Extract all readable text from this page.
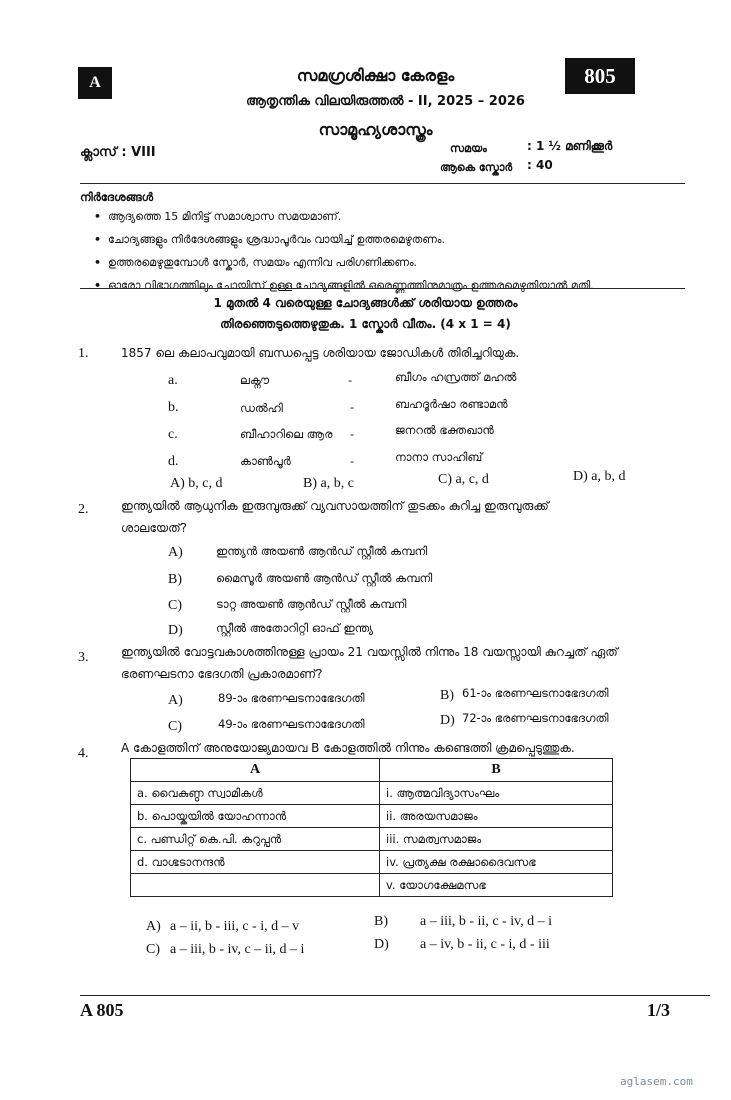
A	805
സമഗ്രശിക്ഷാ കേരളം
ആതൃന്തിക വിലയിരുത്തൽ - II, 2025 – 2026
സാമൂഹ്യശാസ്ത്രം
ക്ലാസ് : VIII	സമയം	: 1 ½ മണിക്കൂർ
ആകെ സ്കോർ : 40
നിർദേശങ്ങൾ
• ആദ്യത്തെ 15 മിനിട്ട് സമാശ്വാസ സമയമാണ്.
• ചോദ്യങ്ങളും നിർദേശങ്ങളും ശ്രദ്ധാപൂർവം വായിച്ച് ഉത്തരമെഴുതണം.
• ഉത്തരമെഴുതുമ്പോൾ സ്കോർ, സമയം എന്നിവ പരിഗണിക്കണം.
• ഓരോ വിഭാഗത്തിലും ചോയിസ് ഉള്ള ചോദ്യങ്ങളിൽ ഒരെണ്ണത്തിനുമാത്രം ഉത്തരമെഴുതിയാൽ മതി.
1 മുതൽ 4 വരെയുള്ള ചോദ്യങ്ങൾക്ക് ശരിയായ ഉത്തരം
തിരഞ്ഞെടുത്തെഴുതുക. 1 സ്കോർ വീതം. (4 x 1 = 4)
1.	1857 ലെ കലാപവുമായി ബന്ധപ്പെട്ട ശരിയായ ജോഡികൾ തിരിച്ചറിയുക.
a.	ലക്നൗ	-	ബീഗം ഹസ്രത്ത് മഹൽ
b.	ഡൽഹി	-	ബഹദൂർഷാ രണ്ടാമൻ
c.	ബീഹാറിലെ ആര -	ജനറൽ ഭക്തഖാൻ
d.	കാൺപൂർ	-	നാനാ സാഹിബ്
A) b, c, d	B) a, b, c	C) a, c, d	D) a, b, d
2.	ഇന്ത്യയിൽ ആധുനിക ഇരുമ്പുരുക്ക് വ്യവസായത്തിന് തുടക്കം കുറിച്ച ഇരുമ്പുരുക്ക്
ശാലയേത്?
A)	ഇന്ത്യൻ അയൺ ആൻഡ് സ്റ്റീൽ കമ്പനി
B)	മൈസൂർ അയൺ ആൻഡ് സ്റ്റീൽ കമ്പനി
C)	ടാറ്റ അയൺ ആൻഡ് സ്റ്റീൽ കമ്പനി
D)	സ്റ്റീൽ അതോറിറ്റി ഓഫ് ഇന്ത്യ
3.	ഇന്ത്യയിൽ വോട്ടവകാശത്തിനുള്ള പ്രായം 21 വയസ്സിൽ നിന്നും 18 വയസ്സായി കുറച്ചത് ഏത്
ഭരണഘടനാ ഭേദഗതി പ്രകാരമാണ്?
A)	89-ാം ഭരണഘടനാഭേദഗതി	B) 61-ാം ഭരണഘടനാഭേദഗതി
C)	49-ാം ഭരണഘടനാഭേദഗതി	D) 72-ാം ഭരണഘടനാഭേദഗതി
4.	A കോളത്തിന് അനുയോജ്യമായവ B കോളത്തിൽ നിന്നും കണ്ടെത്തി ക്രമപ്പെടുത്തുക.
A	B
a. വൈകുണ്ഠ സ്വാമികൾ	i. ആത്മവിദ്യാസംഘം
b. പൊയ്കയിൽ യോഹന്നാൻ	ii. അരയസമാജം
c. പണ്ഡിറ്റ് കെ.പി. കറുപ്പൻ	iii. സമത്വസമാജം
d. വാഗ്ഭടാനന്ദൻ	iv. പ്രത്യക്ഷ രക്ഷാദൈവസഭ
	v. യോഗക്ഷേമസഭ
A) a – ii, b - iii, c - i, d – v	B) a – iii, b - ii, c - iv, d – i
C) a – iii, b - iv, c – ii, d – i	D) a – iv, b - ii, c - i, d - iii
A 805	1/3
aglasem.com
